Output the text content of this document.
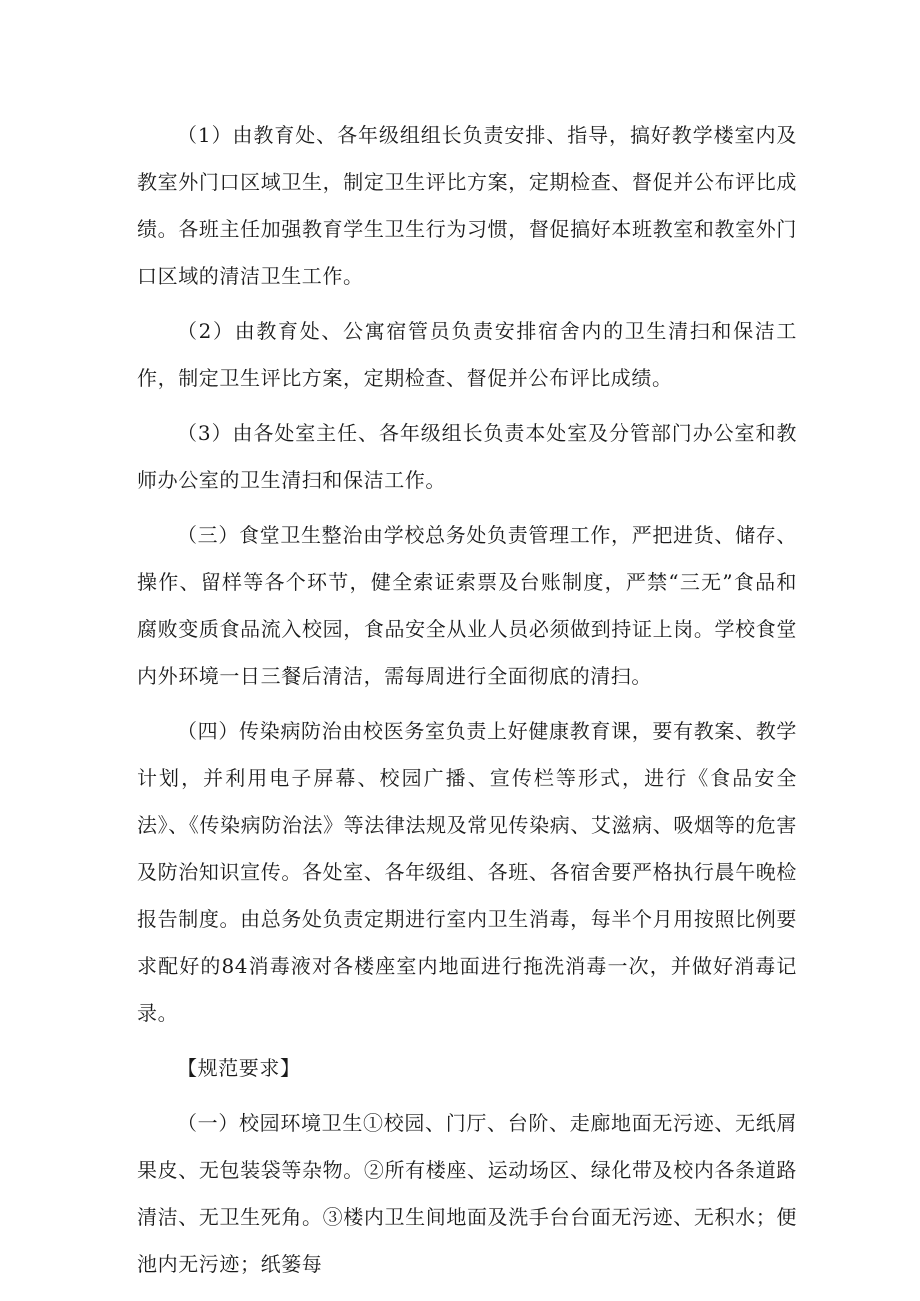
（1）由教育处、各年级组组长负责安排、指导，搞好教学楼室内及教室外门口区域卫生，制定卫生评比方案，定期检查、督促并公布评比成绩。各班主任加强教育学生卫生行为习惯，督促搞好本班教室和教室外门口区域的清洁卫生工作。

（2）由教育处、公寓宿管员负责安排宿舍内的卫生清扫和保洁工作，制定卫生评比方案，定期检查、督促并公布评比成绩。

（3）由各处室主任、各年级组长负责本处室及分管部门办公室和教师办公室的卫生清扫和保洁工作。

（三）食堂卫生整治由学校总务处负责管理工作，严把进货、储存、操作、留样等各个环节，健全索证索票及台账制度，严禁“三无”食品和腐败变质食品流入校园，食品安全从业人员必须做到持证上岗。学校食堂内外环境一日三餐后清洁，需每周进行全面彻底的清扫。

（四）传染病防治由校医务室负责上好健康教育课，要有教案、教学计划，并利用电子屏幕、校园广播、宣传栏等形式，进行《食品安全法》、《传染病防治法》等法律法规及常见传染病、艾滋病、吸烟等的危害及防治知识宣传。各处室、各年级组、各班、各宿舍要严格执行晨午晚检报告制度。由总务处负责定期进行室内卫生消毒，每半个月用按照比例要求配好的84消毒液对各楼座室内地面进行拖洗消毒一次，并做好消毒记录。

【规范要求】

（一）校园环境卫生①校园、门厅、台阶、走廊地面无污迹、无纸屑果皮、无包装袋等杂物。②所有楼座、运动场区、绿化带及校内各条道路清洁、无卫生死角。③楼内卫生间地面及洗手台台面无污迹、无积水；便池内无污迹；纸篓每
